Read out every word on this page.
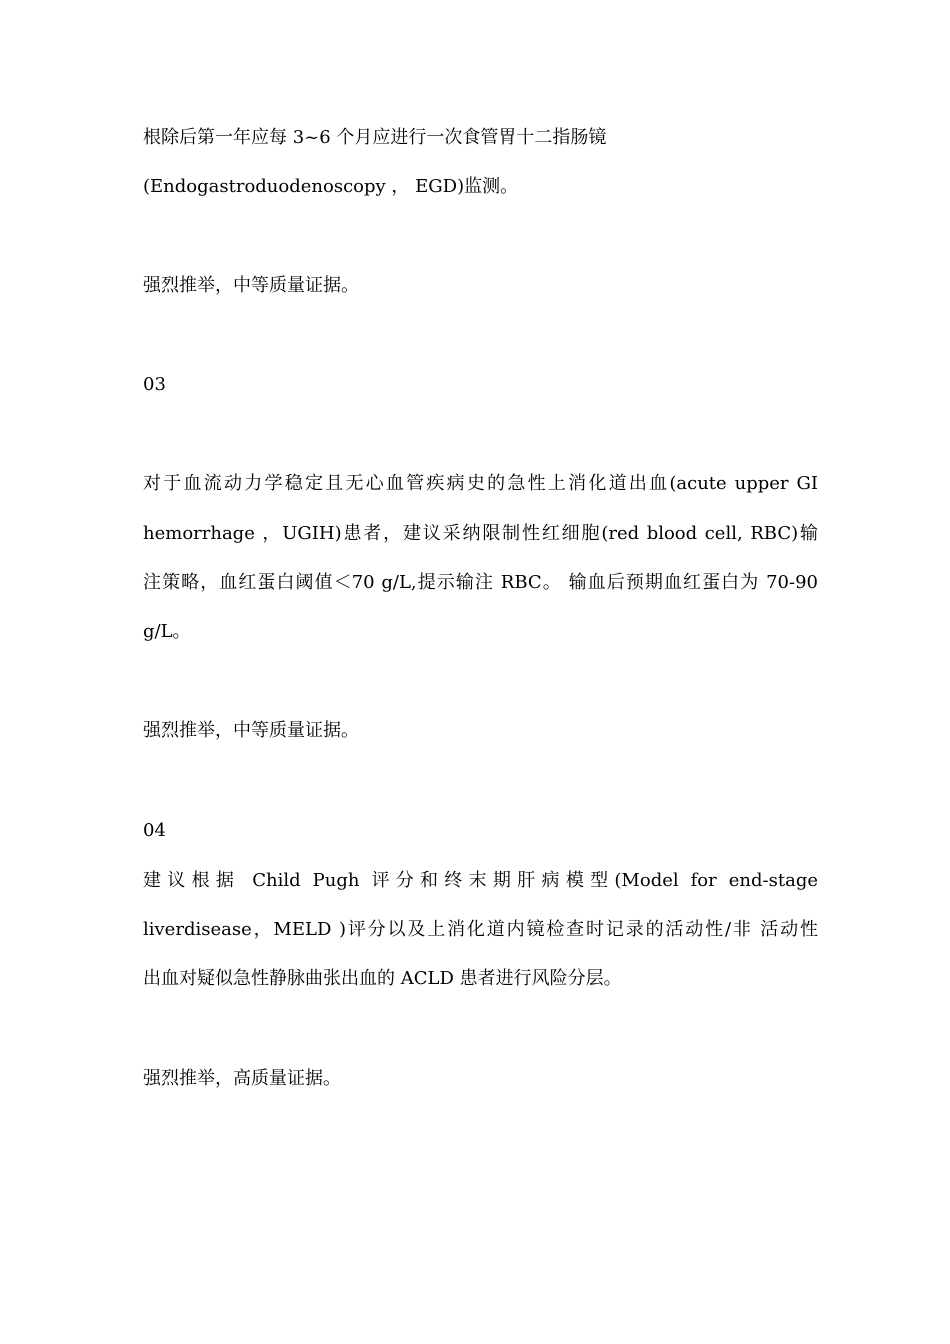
根除后第一年应每 3~6 个月应进行一次食管胃十二指肠镜
(Endogastroduodenoscopy ， EGD)监测。
强烈推举，中等质量证据。
03
对于血流动力学稳定且无心血管疾病史的急性上消化道出血(acute upper GI
hemorrhage ，UGIH)患者，建议采纳限制性红细胞(red blood cell, RBC)输
注策略，血红蛋白阈值＜70 g/L,提示输注 RBC。 输血后预期血红蛋白为 70-90
g/L。
强烈推举，中等质量证据。
04
建议根据 Child Pugh 评分和终末期肝病模型(Model for end-stage
liverdisease，MELD )评分以及上消化道内镜检查时记录的活动性/非 活动性
出血对疑似急性静脉曲张出血的 ACLD 患者进行风险分层。
强烈推举，高质量证据。
